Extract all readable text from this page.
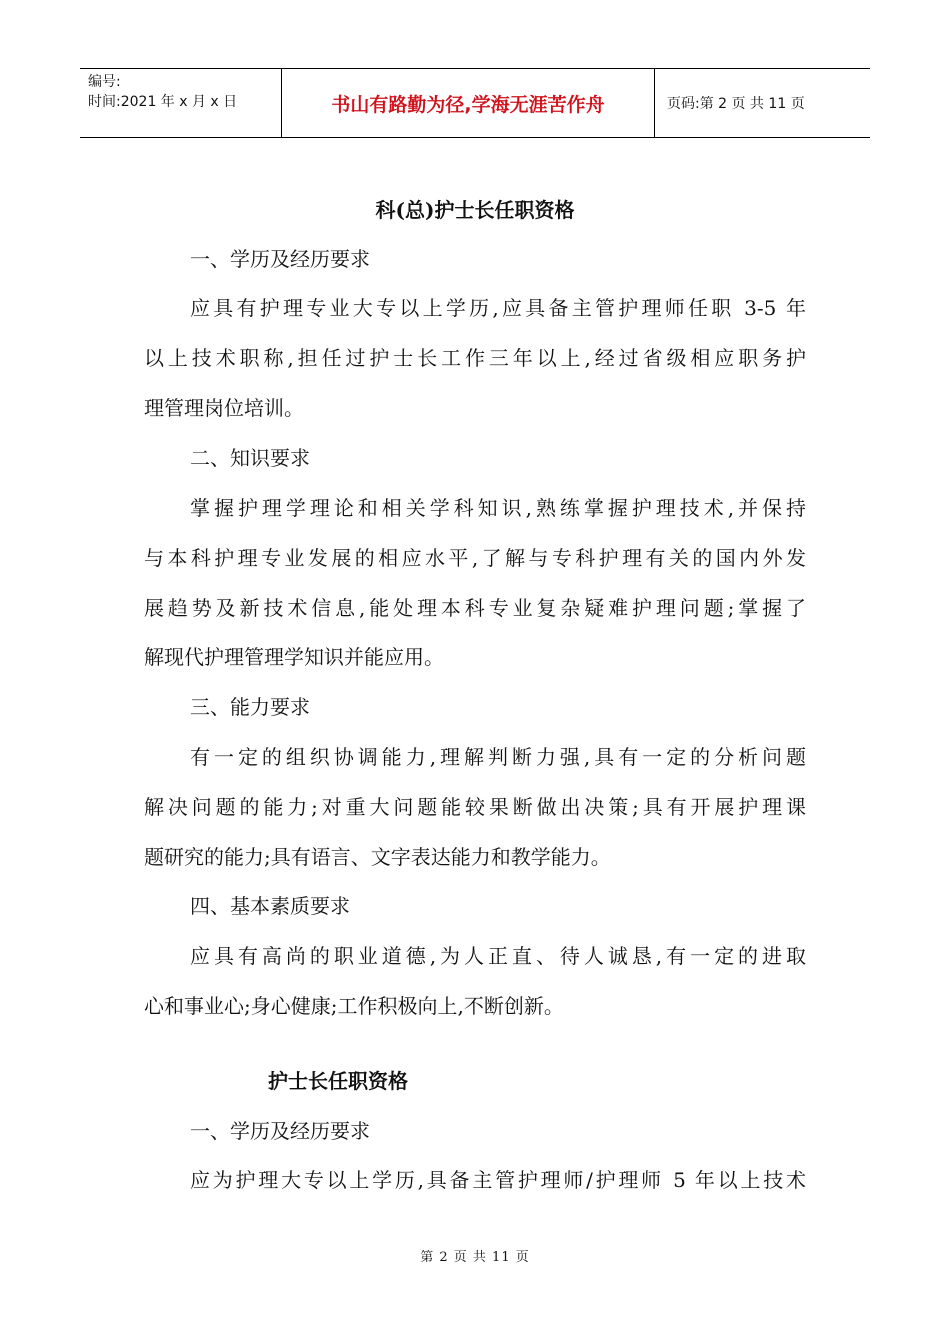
编号:
时间:2021 年 x 月 x 日	书山有路勤为径,学海无涯苦作舟	页码:第 2 页 共 11 页
科(总)护士长任职资格
一、学历及经历要求
应具有护理专业大专以上学历,应具备主管护理师任职 3-5 年
以上技术职称,担任过护士长工作三年以上,经过省级相应职务护
理管理岗位培训。
二、知识要求
掌握护理学理论和相关学科知识,熟练掌握护理技术,并保持
与本科护理专业发展的相应水平,了解与专科护理有关的国内外发
展趋势及新技术信息,能处理本科专业复杂疑难护理问题;掌握了
解现代护理管理学知识并能应用。
三、能力要求
有一定的组织协调能力,理解判断力强,具有一定的分析问题
解决问题的能力;对重大问题能较果断做出决策;具有开展护理课
题研究的能力;具有语言、文字表达能力和教学能力。
四、基本素质要求
应具有高尚的职业道德,为人正直、待人诚恳,有一定的进取
心和事业心;身心健康;工作积极向上,不断创新。
护士长任职资格
一、学历及经历要求
应为护理大专以上学历,具备主管护理师/护理师 5 年以上技术
第 2 页 共 11 页
